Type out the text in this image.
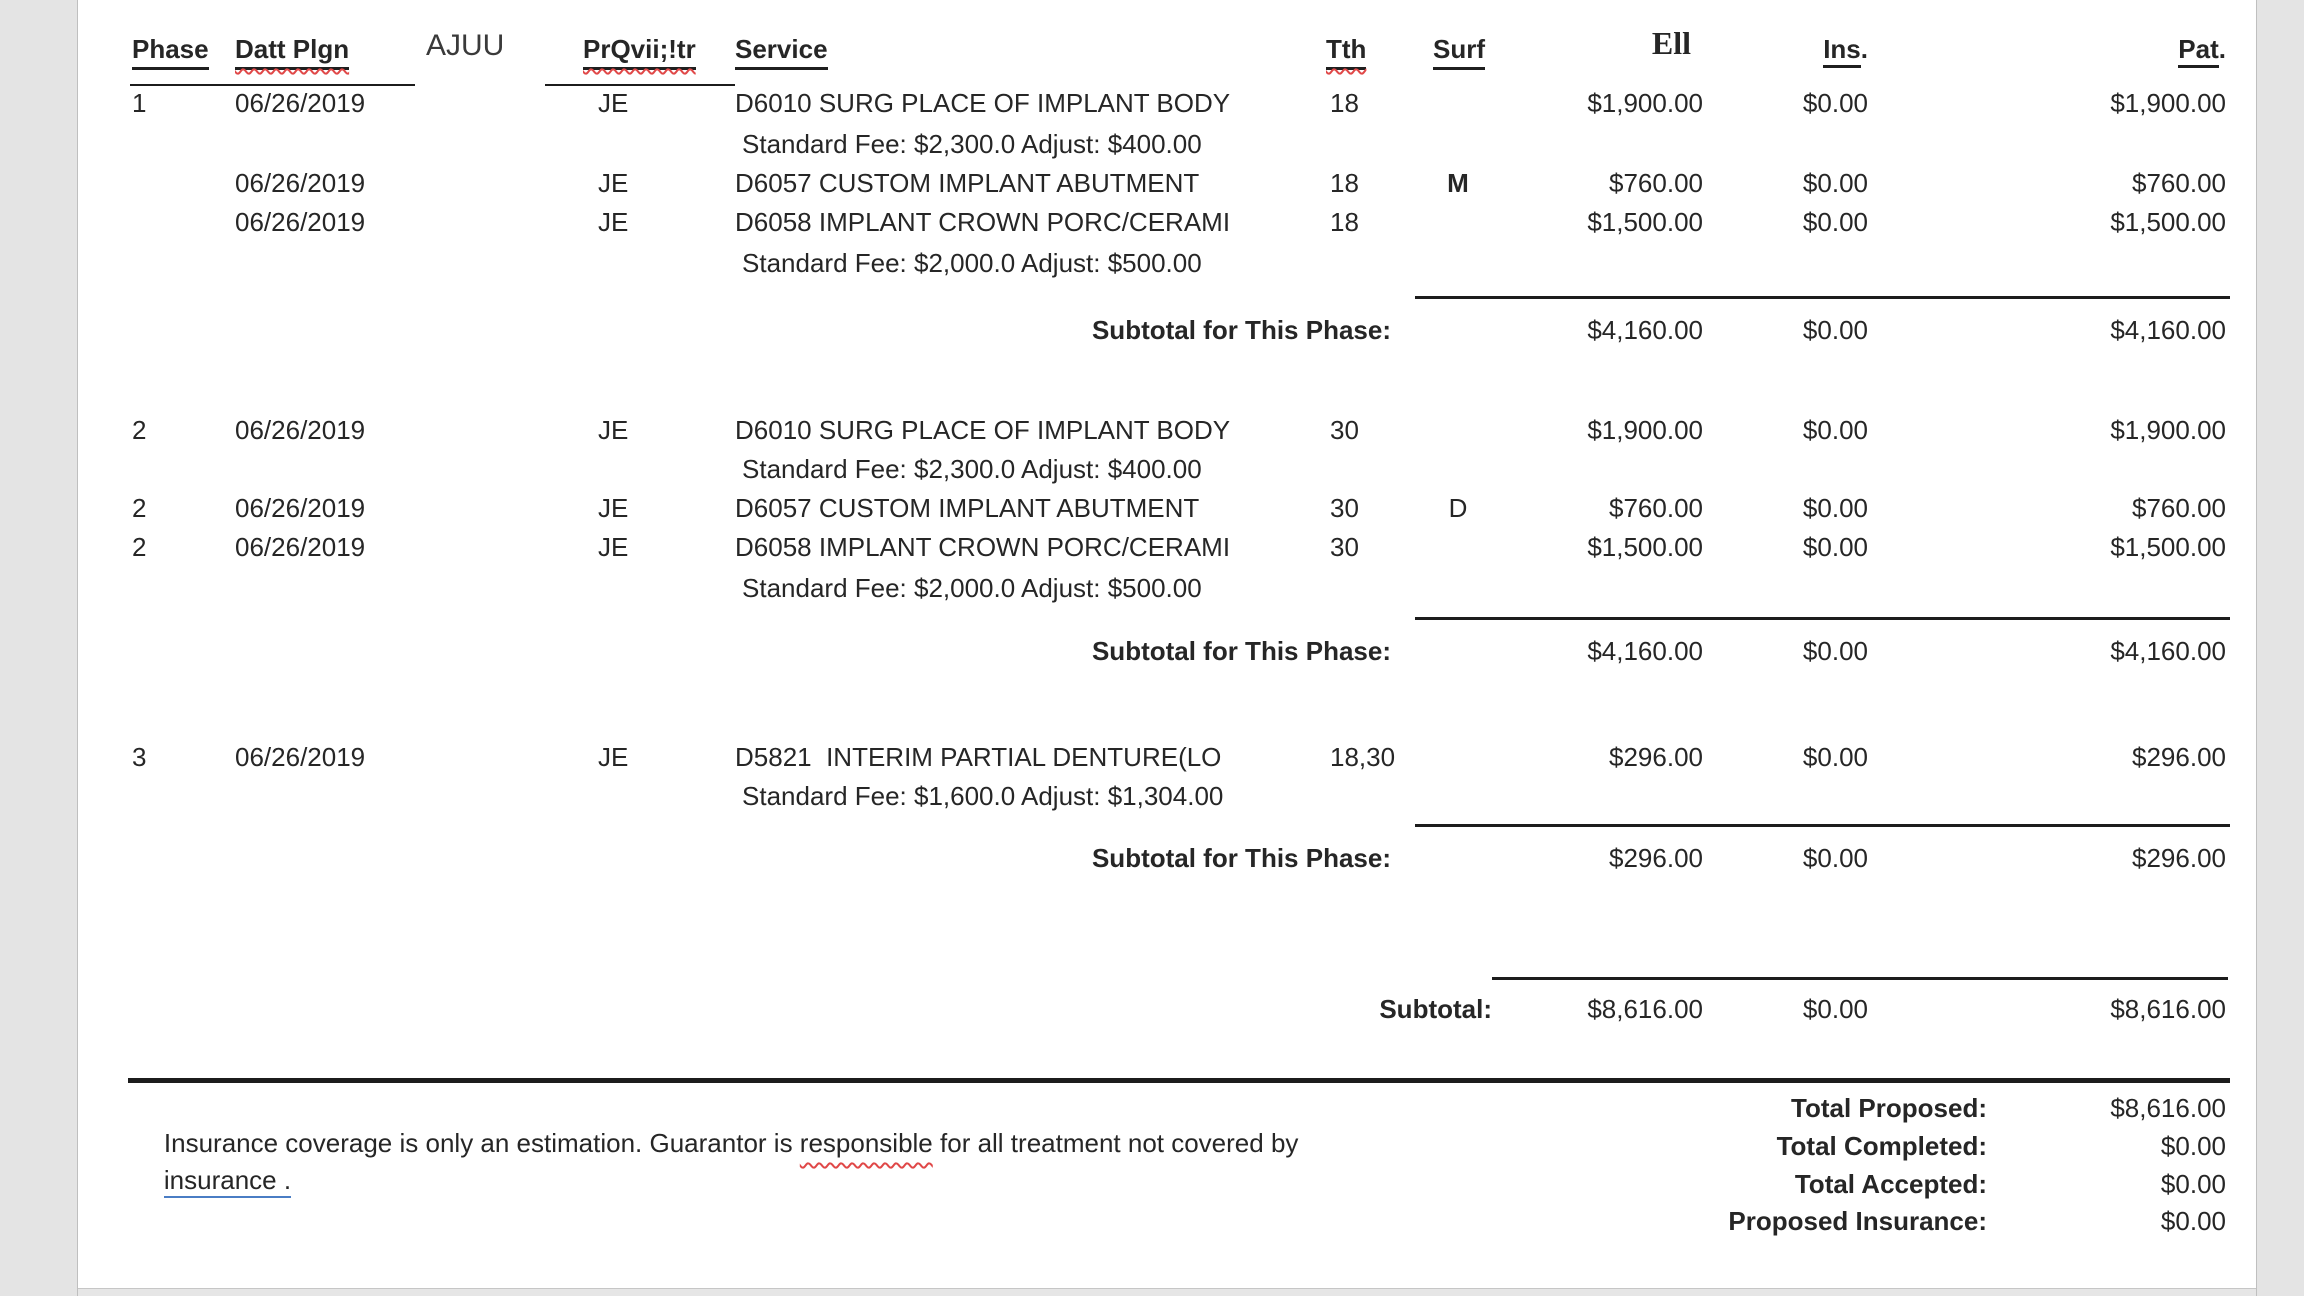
Phase Datt Plgn	AJUU	PrQvii;!tr Service	Tth	Surf	Ell	Ins.	Pat.
1	06/26/2019	JE	D6010 SURG PLACE OF IMPLANT BODY	18	$1,900.00	$0.00	$1,900.00
Standard Fee: $2,300.0 Adjust: $400.00
06/26/2019	JE	D6057 CUSTOM IMPLANT ABUTMENT	18	M	$760.00	$0.00	$760.00
06/26/2019	JE	D6058 IMPLANT CROWN PORC/CERAMI	18	$1,500.00	$0.00	$1,500.00
Standard Fee: $2,000.0 Adjust: $500.00
Subtotal for This Phase:	$4,160.00	$0.00	$4,160.00
2	06/26/2019	JE	D6010 SURG PLACE OF IMPLANT BODY	30	$1,900.00	$0.00	$1,900.00
Standard Fee: $2,300.0 Adjust: $400.00
2	06/26/2019	JE	D6057 CUSTOM IMPLANT ABUTMENT	30	D	$760.00	$0.00	$760.00
2	06/26/2019	JE	D6058 IMPLANT CROWN PORC/CERAMI	30	$1,500.00	$0.00	$1,500.00
Standard Fee: $2,000.0 Adjust: $500.00
Subtotal for This Phase:	$4,160.00	$0.00	$4,160.00
3	06/26/2019	JE	D5821  INTERIM PARTIAL DENTURE(LO	18,30	$296.00	$0.00	$296.00
Standard Fee: $1,600.0 Adjust: $1,304.00
Subtotal for This Phase:	$296.00	$0.00	$296.00
Subtotal:	$8,616.00	$0.00	$8,616.00

Insurance coverage is only an estimation. Guarantor is responsible for all treatment not covered by

insurance .

Total Proposed:	$8,616.00
Total Completed:	$0.00
Total Accepted:	$0.00
Proposed Insurance:	$0.00
